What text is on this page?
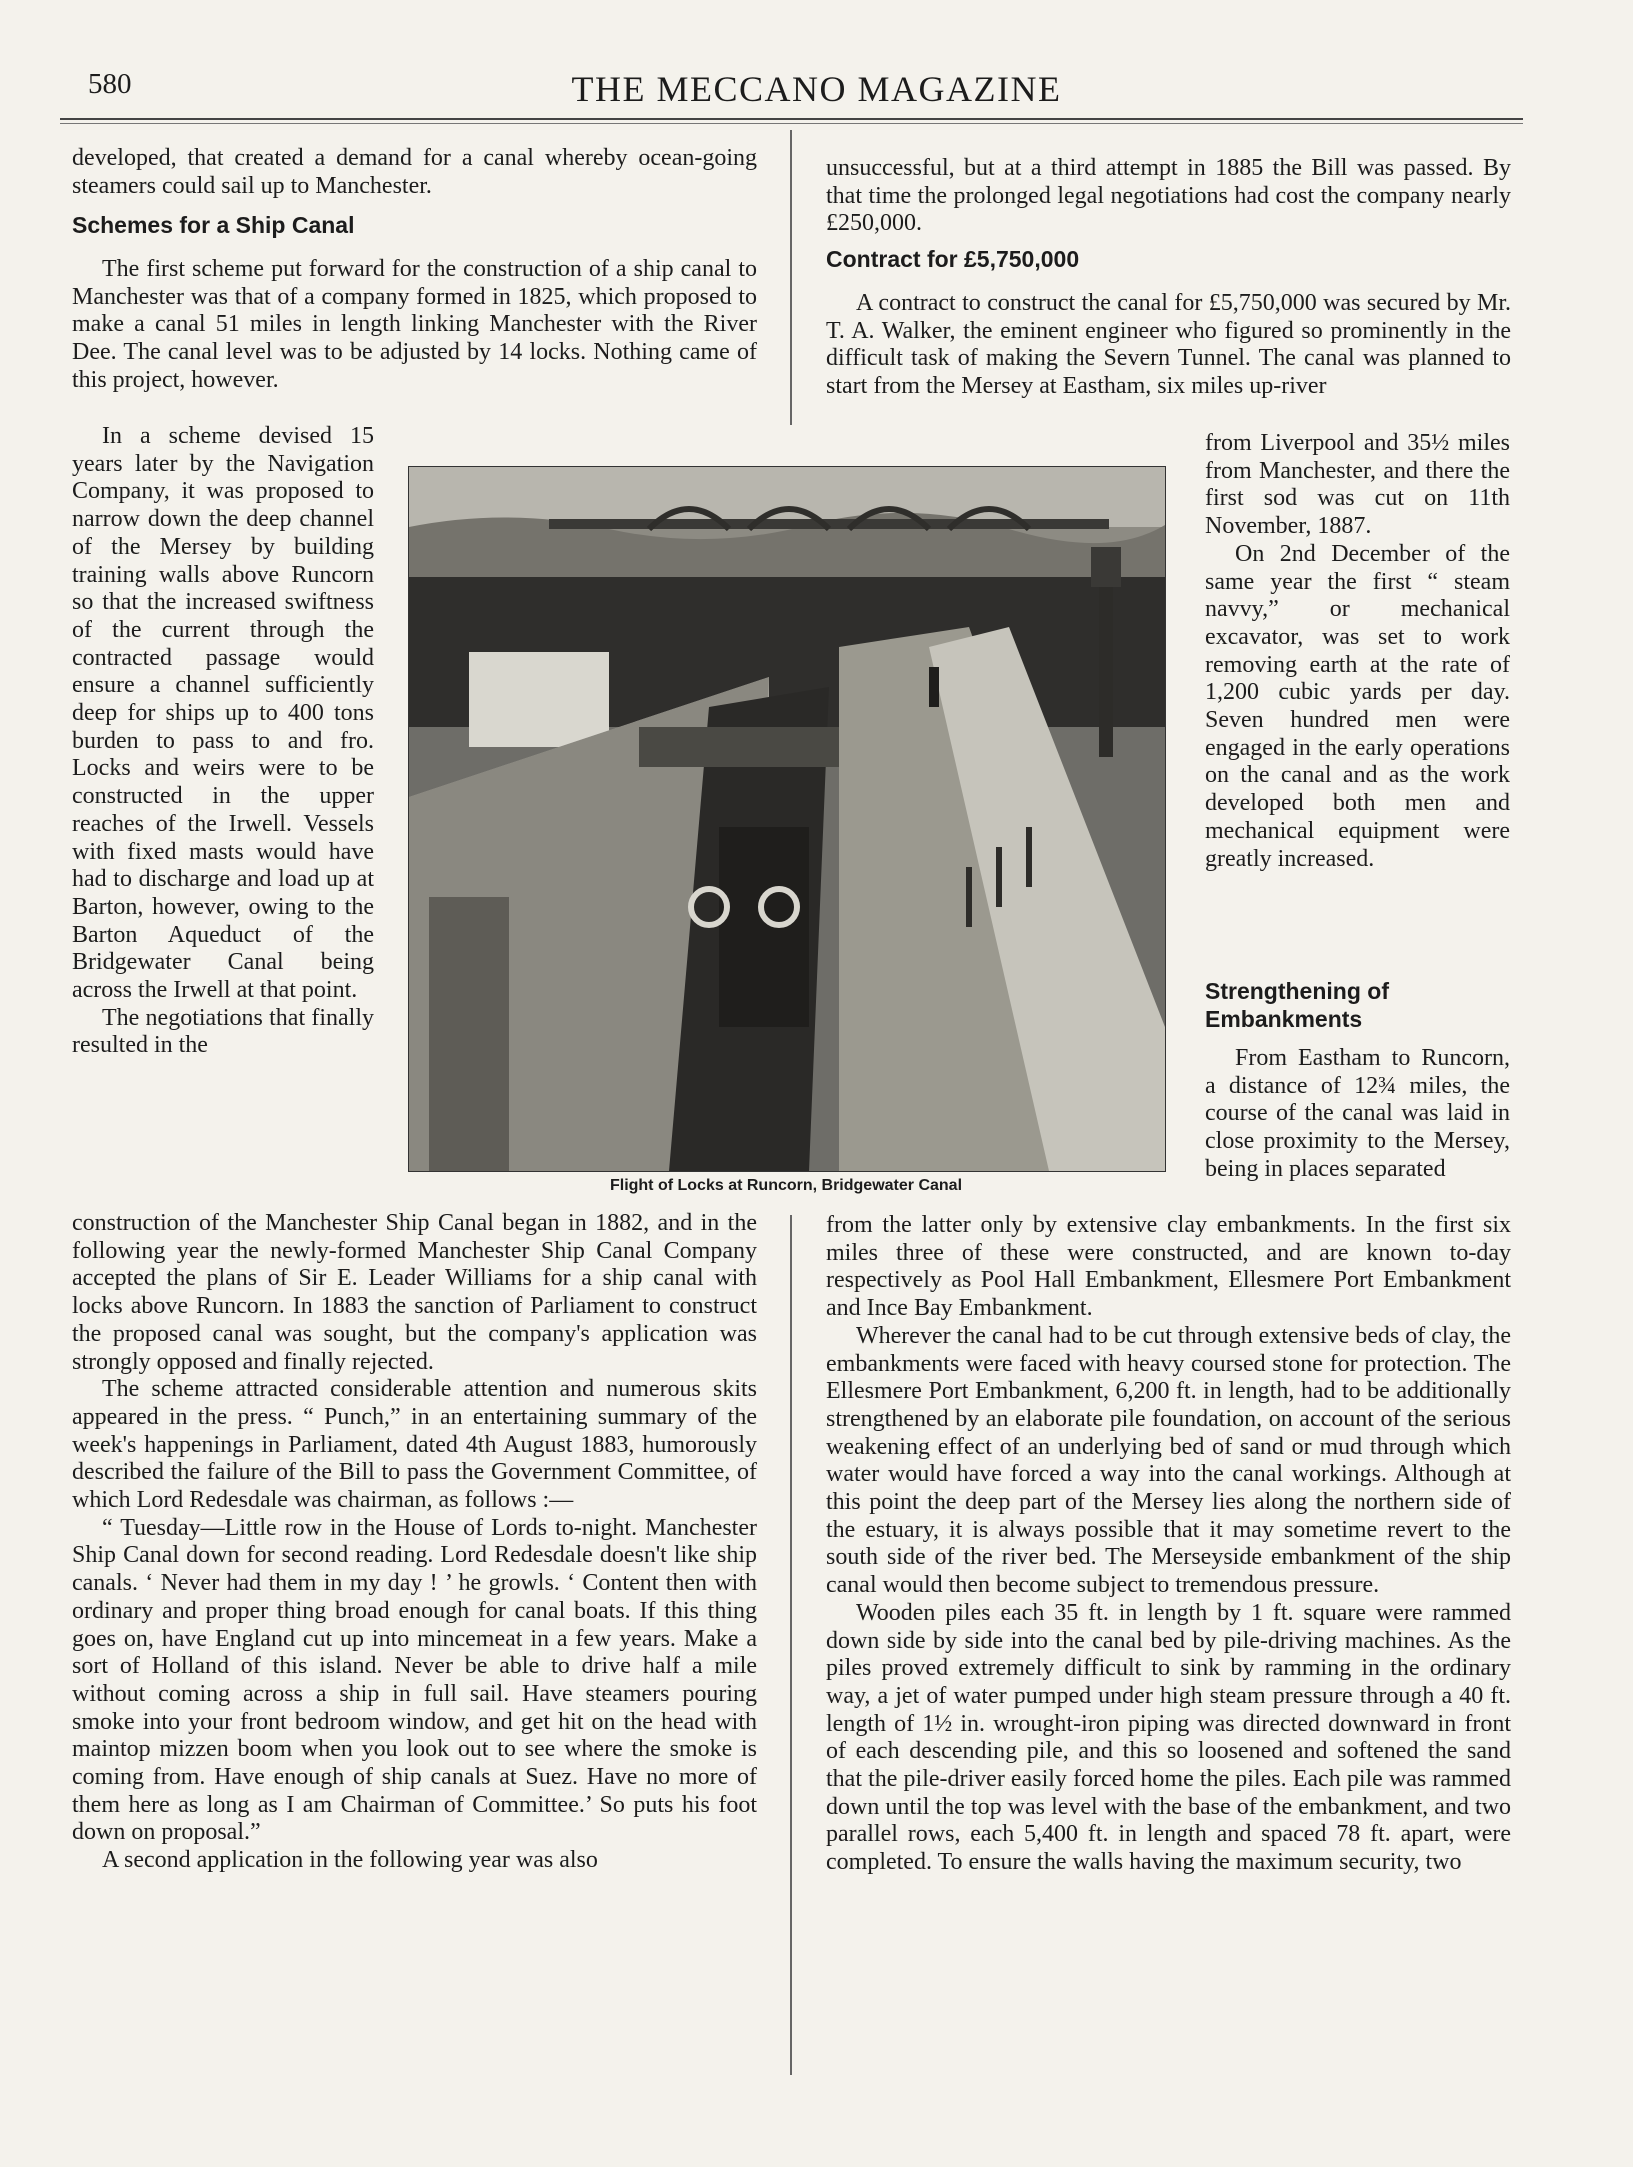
580	THE MECCANO MAGAZINE

developed, that created a demand for a canal whereby ocean-going steamers could sail up to Manchester.

Schemes for a Ship Canal

The first scheme put forward for the construction of a ship canal to Manchester was that of a company formed in 1825, which proposed to make a canal 51 miles in length linking Manchester with the River Dee. The canal level was to be adjusted by 14 locks. Nothing came of this project, however.

In a scheme devised 15 years later by the Navigation Company, it was proposed to narrow down the deep channel of the Mersey by building training walls above Runcorn so that the increased swiftness of the current through the contracted passage would ensure a channel sufficiently deep for ships up to 400 tons burden to pass to and fro. Locks and weirs were to be constructed in the upper reaches of the Irwell. Vessels with fixed masts would have had to discharge and load up at Barton, however, owing to the Barton Aqueduct of the Bridgewater Canal being across the Irwell at that point.

The negotiations that finally resulted in the

construction of the Manchester Ship Canal began in 1882, and in the following year the newly-formed Manchester Ship Canal Company accepted the plans of Sir E. Leader Williams for a ship canal with locks above Runcorn. In 1883 the sanction of Parliament to construct the proposed canal was sought, but the company's application was strongly opposed and finally rejected.

The scheme attracted considerable attention and numerous skits appeared in the press. “ Punch,” in an entertaining summary of the week's happenings in Parliament, dated 4th August 1883, humorously described the failure of the Bill to pass the Government Committee, of which Lord Redesdale was chairman, as follows :—

“ Tuesday—Little row in the House of Lords to-night. Manchester Ship Canal down for second reading. Lord Redesdale doesn't like ship canals. ‘ Never had them in my day ! ’ he growls. ‘ Content then with ordinary and proper thing broad enough for canal boats. If this thing goes on, have England cut up into mincemeat in a few years. Make a sort of Holland of this island. Never be able to drive half a mile without coming across a ship in full sail. Have steamers pouring smoke into your front bedroom window, and get hit on the head with maintop mizzen boom when you look out to see where the smoke is coming from. Have enough of ship canals at Suez. Have no more of them here as long as I am Chairman of Committee.’ So puts his foot down on proposal.”

A second application in the following year was also

unsuccessful, but at a third attempt in 1885 the Bill was passed. By that time the prolonged legal negotiations had cost the company nearly £250,000.

Contract for £5,750,000

A contract to construct the canal for £5,750,000 was secured by Mr. T. A. Walker, the eminent engineer who figured so prominently in the difficult task of making the Severn Tunnel. The canal was planned to start from the Mersey at Eastham, six miles up-river

from Liverpool and 35½ miles from Manchester, and there the first sod was cut on 11th November, 1887.

On 2nd December of the same year the first “ steam navvy,” or mechanical excavator, was set to work removing earth at the rate of 1,200 cubic yards per day. Seven hundred men were engaged in the early operations on the canal and as the work developed both men and mechanical equipment were greatly increased.

Strengthening of Embankments

From Eastham to Runcorn, a distance of 12¾ miles, the course of the canal was laid in close proximity to the Mersey, being in places separated

from the latter only by extensive clay embankments. In the first six miles three of these were constructed, and are known to-day respectively as Pool Hall Embankment, Ellesmere Port Embankment and Ince Bay Embankment.

Wherever the canal had to be cut through extensive beds of clay, the embankments were faced with heavy coursed stone for protection. The Ellesmere Port Embankment, 6,200 ft. in length, had to be additionally strengthened by an elaborate pile foundation, on account of the serious weakening effect of an underlying bed of sand or mud through which water would have forced a way into the canal workings. Although at this point the deep part of the Mersey lies along the northern side of the estuary, it is always possible that it may sometime revert to the south side of the river bed. The Merseyside embankment of the ship canal would then become subject to tremendous pressure.

Wooden piles each 35 ft. in length by 1 ft. square were rammed down side by side into the canal bed by pile-driving machines. As the piles proved extremely difficult to sink by ramming in the ordinary way, a jet of water pumped under high steam pressure through a 40 ft. length of 1½ in. wrought-iron piping was directed downward in front of each descending pile, and this so loosened and softened the sand that the pile-driver easily forced home the piles. Each pile was rammed down until the top was level with the base of the embankment, and two parallel rows, each 5,400 ft. in length and spaced 78 ft. apart, were completed. To ensure the walls having the maximum security, two

Flight of Locks at Runcorn, Bridgewater Canal
